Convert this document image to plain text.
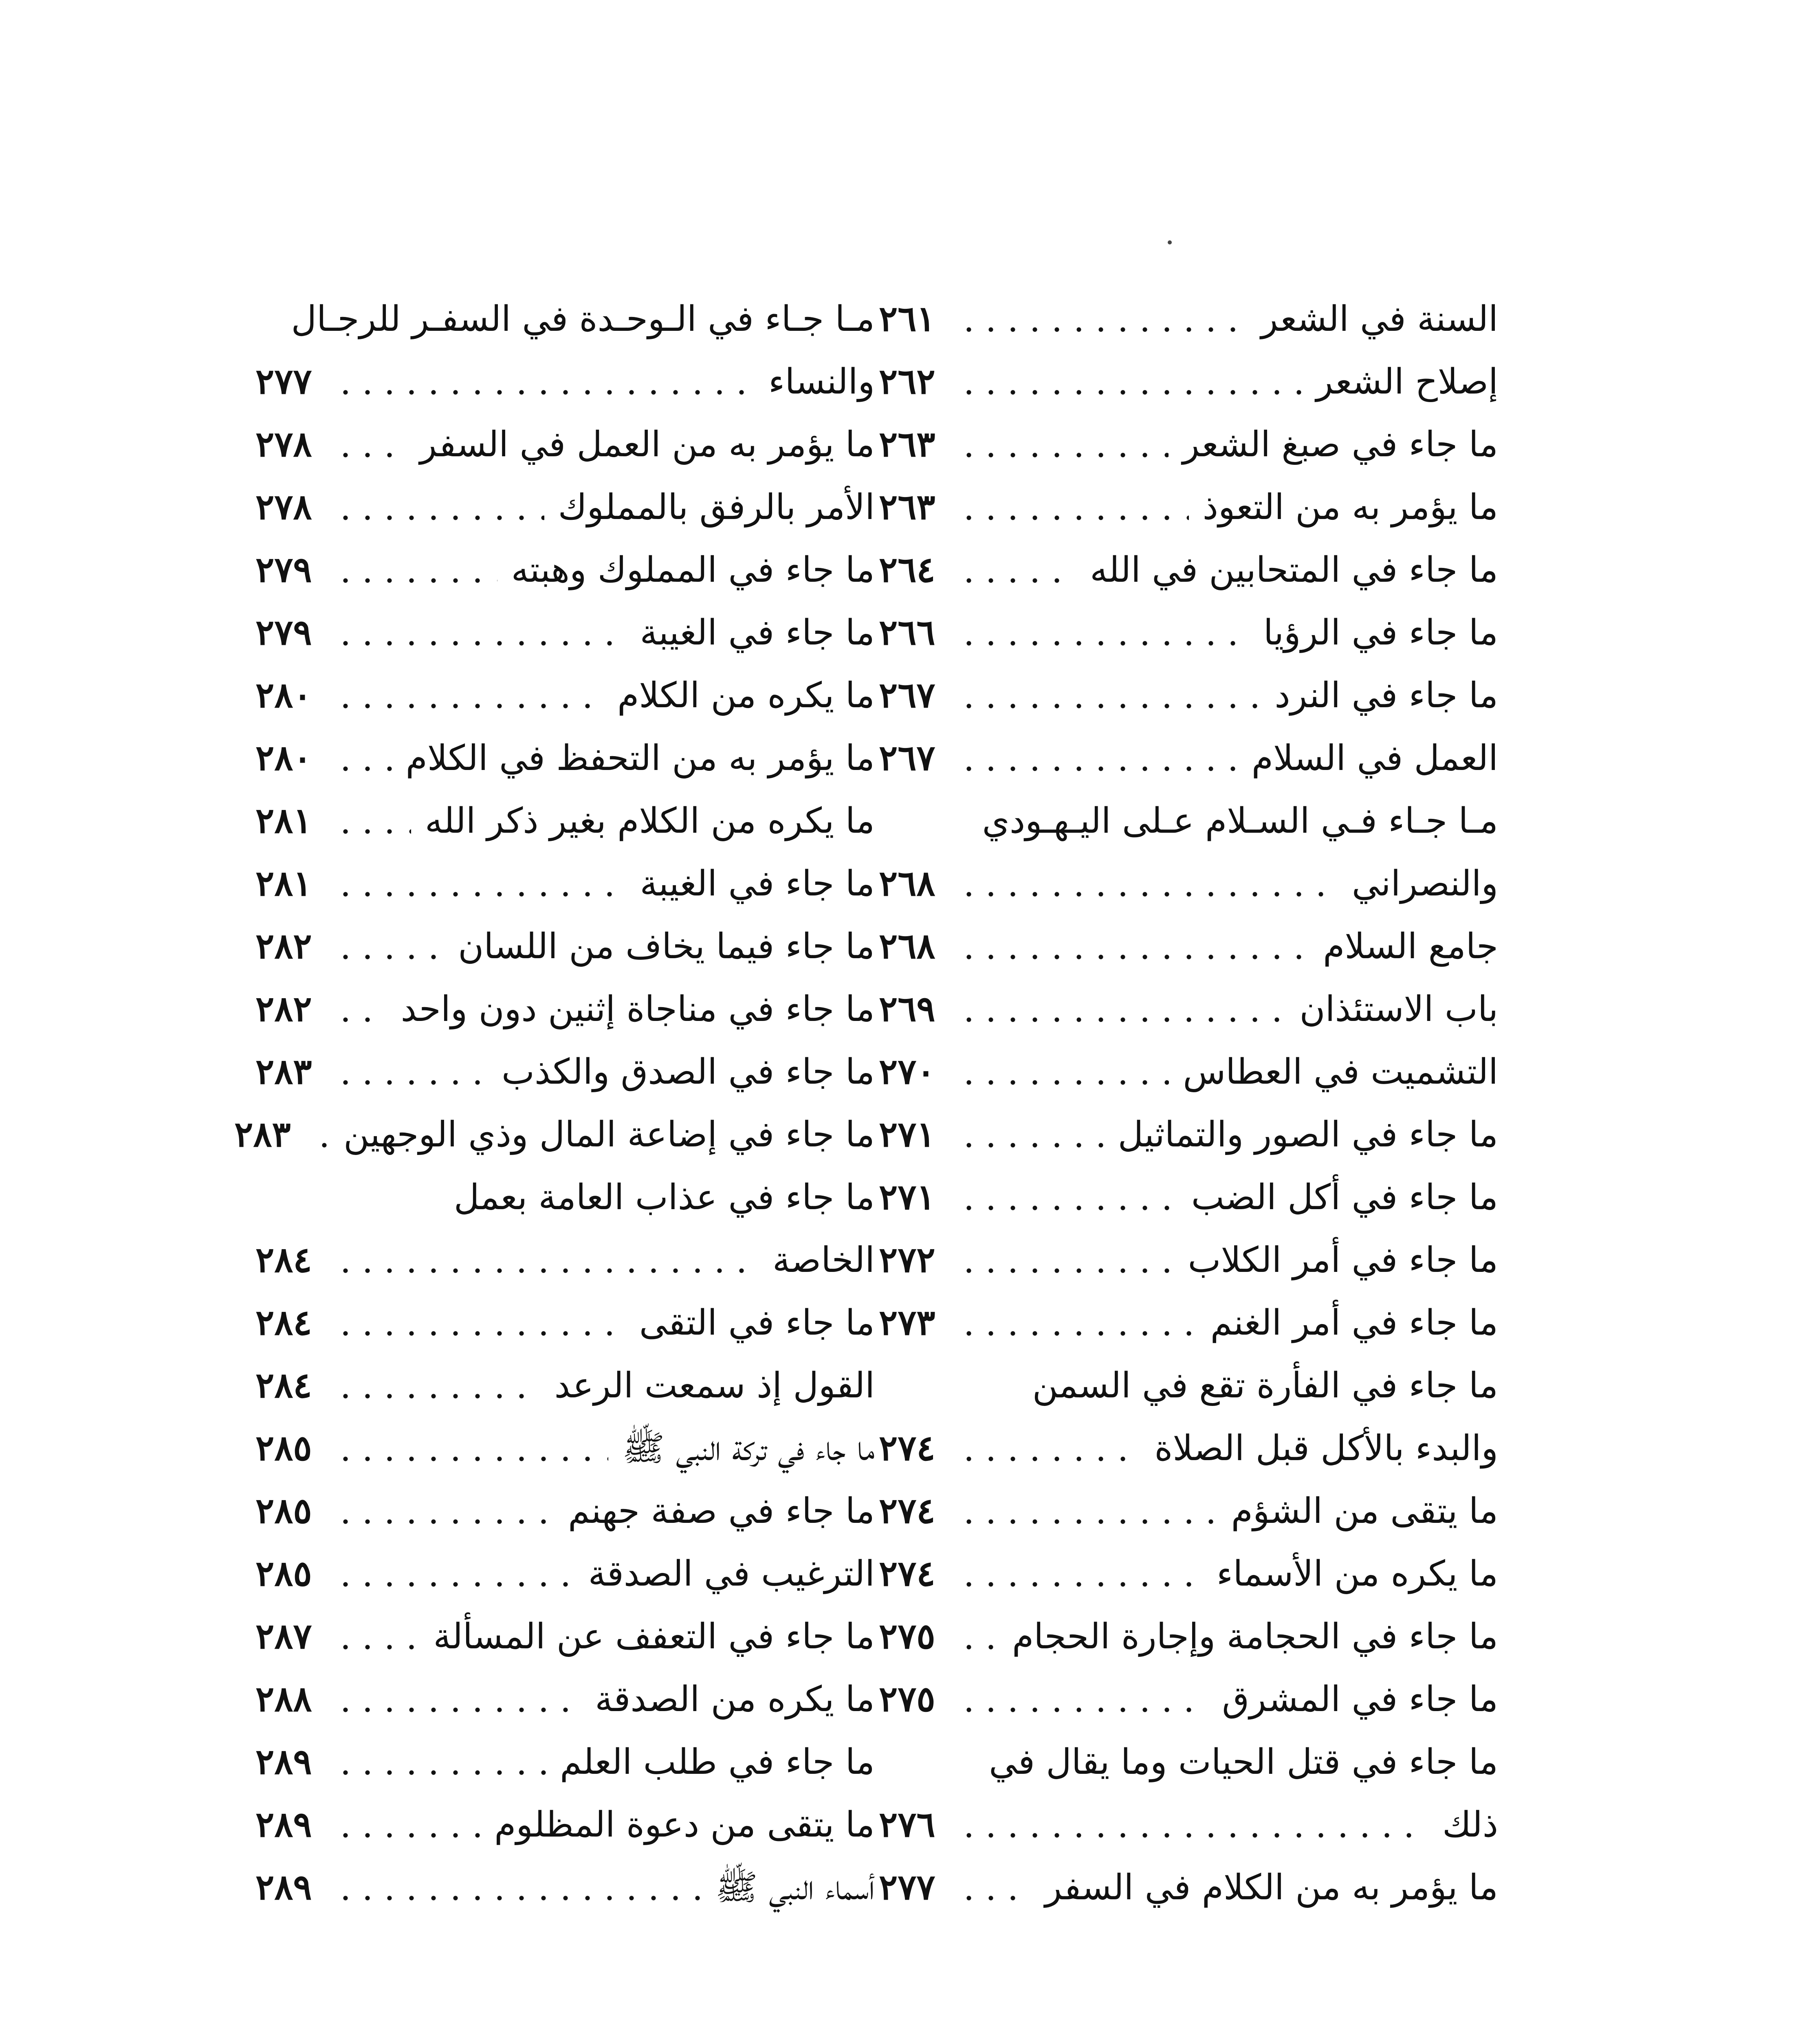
السنة في الشعر
٢٦١
إصلاح الشعر
٢٦٢
ما جاء في صبغ الشعر
٢٦٣
ما يؤمر به من التعوذ
٢٦٣
ما جاء في المتحابين في الله
٢٦٤
ما جاء في الرؤيا
٢٦٦
ما جاء في النرد
٢٦٧
العمل في السلام
٢٦٧
مـا جـاء فـي السـلام عـلى اليـهـودي
والنصراني
٢٦٨
جامع السلام
٢٦٨
باب الاستئذان
٢٦٩
التشميت في العطاس
٢٧٠
ما جاء في الصور والتماثيل
٢٧١
ما جاء في أكل الضب
٢٧١
ما جاء في أمر الكلاب
٢٧٢
ما جاء في أمر الغنم
٢٧٣
ما جاء في الفأرة تقع في السمن
والبدء بالأكل قبل الصلاة
٢٧٤
ما يتقى من الشؤم
٢٧٤
ما يكره من الأسماء
٢٧٤
ما جاء في الحجامة وإجارة الحجام
٢٧٥
ما جاء في المشرق
٢٧٥
ما جاء في قتل الحيات وما يقال في
ذلك
٢٧٦
ما يؤمر به من الكلام في السفر
٢٧٧
مـا جـاء في الـوحـدة في السفـر للرجـال
والنساء
٢٧٧
ما يؤمر به من العمل في السفر
٢٧٨
الأمر بالرفق بالمملوك
٢٧٨
ما جاء في المملوك وهبته
٢٧٩
ما جاء في الغيبة
٢٧٩
ما يكره من الكلام
٢٨٠
ما يؤمر به من التحفظ في الكلام
٢٨٠
ما يكره من الكلام بغير ذكر الله
٢٨١
ما جاء في الغيبة
٢٨١
ما جاء فيما يخاف من اللسان
٢٨٢
ما جاء في مناجاة إثنين دون واحد
٢٨٢
ما جاء في الصدق والكذب
٢٨٣
ما جاء في إضاعة المال وذي الوجهين
٢٨٣
ما جاء في عذاب العامة بعمل
الخاصة
٢٨٤
ما جاء في التقى
٢٨٤
القول إذ سمعت الرعد
٢٨٤
ما جاء في تركة النبي ﷺ
٢٨٥
ما جاء في صفة جهنم
٢٨٥
الترغيب في الصدقة
٢٨٥
ما جاء في التعفف عن المسألة
٢٨٧
ما يكره من الصدقة
٢٨٨
ما جاء في طلب العلم
٢٨٩
ما يتقى من دعوة المظلوم
٢٨٩
أسماء النبي ﷺ
٢٨٩
